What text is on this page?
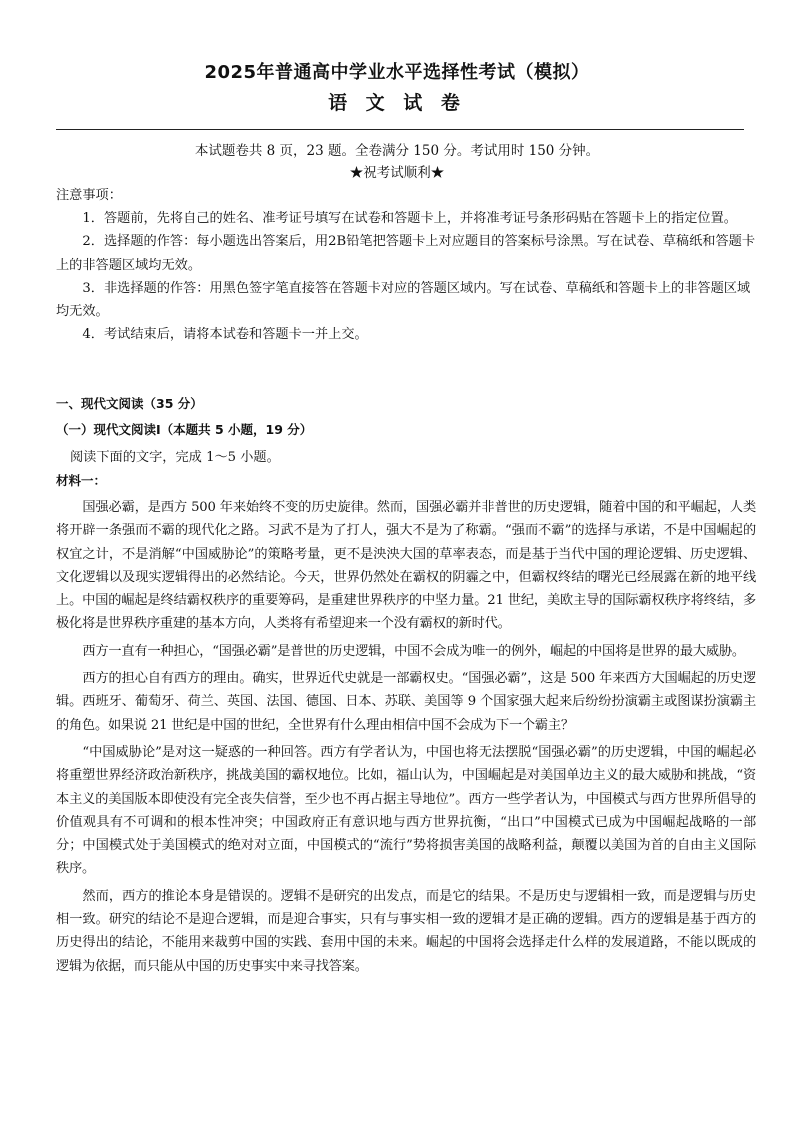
2025年普通高中学业水平选择性考试（模拟）
语 文 试 卷
本试题卷共 8 页，23 题。全卷满分 150 分。考试用时 150 分钟。
★祝考试顺利★
注意事项：

1．答题前，先将自己的姓名、准考证号填写在试卷和答题卡上，并将准考证号条形码贴在答题卡上的指定位置。

2．选择题的作答：每小题选出答案后，用2B铅笔把答题卡上对应题目的答案标号涂黑。写在试卷、草稿纸和答题卡上的非答题区域均无效。

3．非选择题的作答：用黑色签字笔直接答在答题卡对应的答题区域内。写在试卷、草稿纸和答题卡上的非答题区域均无效。

4．考试结束后，请将本试卷和答题卡一并上交。

一、现代文阅读（35 分）
（一）现代文阅读Ⅰ（本题共 5 小题，19 分）
阅读下面的文字，完成 1～5 小题。
材料一：

国强必霸，是西方 500 年来始终不变的历史旋律。然而，国强必霸并非普世的历史逻辑，随着中国的和平崛起，人类将开辟一条强而不霸的现代化之路。习武不是为了打人，强大不是为了称霸。“强而不霸”的选择与承诺，不是中国崛起的权宜之计，不是消解“中国威胁论”的策略考量，更不是泱泱大国的草率表态，而是基于当代中国的理论逻辑、历史逻辑、文化逻辑以及现实逻辑得出的必然结论。今天，世界仍然处在霸权的阴霾之中，但霸权终结的曙光已经展露在新的地平线上。中国的崛起是终结霸权秩序的重要筹码，是重建世界秩序的中坚力量。21 世纪，美欧主导的国际霸权秩序将终结，多极化将是世界秩序重建的基本方向，人类将有希望迎来一个没有霸权的新时代。

西方一直有一种担心，“国强必霸”是普世的历史逻辑，中国不会成为唯一的例外，崛起的中国将是世界的最大威胁。

西方的担心自有西方的理由。确实，世界近代史就是一部霸权史。“国强必霸”，这是 500 年来西方大国崛起的历史逻辑。西班牙、葡萄牙、荷兰、英国、法国、德国、日本、苏联、美国等 9 个国家强大起来后纷纷扮演霸主或图谋扮演霸主的角色。如果说 21 世纪是中国的世纪，全世界有什么理由相信中国不会成为下一个霸主？

“中国威胁论”是对这一疑惑的一种回答。西方有学者认为，中国也将无法摆脱“国强必霸”的历史逻辑，中国的崛起必将重塑世界经济政治新秩序，挑战美国的霸权地位。比如，福山认为，中国崛起是对美国单边主义的最大威胁和挑战，“资本主义的美国版本即使没有完全丧失信誉，至少也不再占据主导地位”。西方一些学者认为，中国模式与西方世界所倡导的价值观具有不可调和的根本性冲突；中国政府正有意识地与西方世界抗衡，“出口”中国模式已成为中国崛起战略的一部分；中国模式处于美国模式的绝对对立面，中国模式的“流行”势将损害美国的战略利益，颠覆以美国为首的自由主义国际秩序。

然而，西方的推论本身是错误的。逻辑不是研究的出发点，而是它的结果。不是历史与逻辑相一致，而是逻辑与历史相一致。研究的结论不是迎合逻辑，而是迎合事实，只有与事实相一致的逻辑才是正确的逻辑。西方的逻辑是基于西方的历史得出的结论，不能用来裁剪中国的实践、套用中国的未来。崛起的中国将会选择走什么样的发展道路，不能以既成的逻辑为依据，而只能从中国的历史事实中来寻找答案。
